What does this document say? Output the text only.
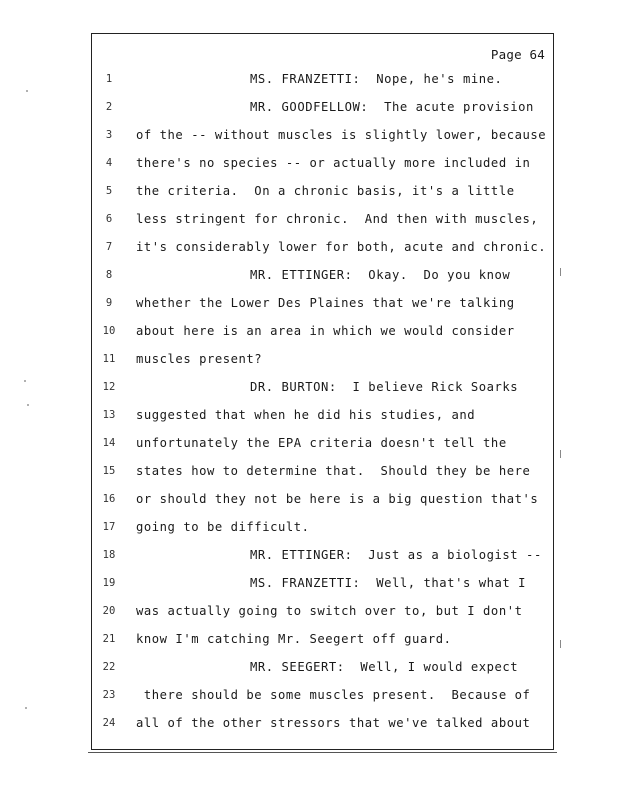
Page 64
1	MS. FRANZETTI:  Nope, he's mine.
2	MR. GOODFELLOW:  The acute provision
3	of the -- without muscles is slightly lower, because
4	there's no species -- or actually more included in
5	the criteria.  On a chronic basis, it's a little
6	less stringent for chronic.  And then with muscles,
7	it's considerably lower for both, acute and chronic.
8	MR. ETTINGER:  Okay.  Do you know
9	whether the Lower Des Plaines that we're talking
10	about here is an area in which we would consider
11	muscles present?
12	DR. BURTON:  I believe Rick Soarks
13	suggested that when he did his studies, and
14	unfortunately the EPA criteria doesn't tell the
15	states how to determine that.  Should they be here
16	or should they not be here is a big question that's
17	going to be difficult.
18	MR. ETTINGER:  Just as a biologist --
19	MS. FRANZETTI:  Well, that's what I
20	was actually going to switch over to, but I don't
21	know I'm catching Mr. Seegert off guard.
22	MR. SEEGERT:  Well, I would expect
23	there should be some muscles present.  Because of
24	all of the other stressors that we've talked about
